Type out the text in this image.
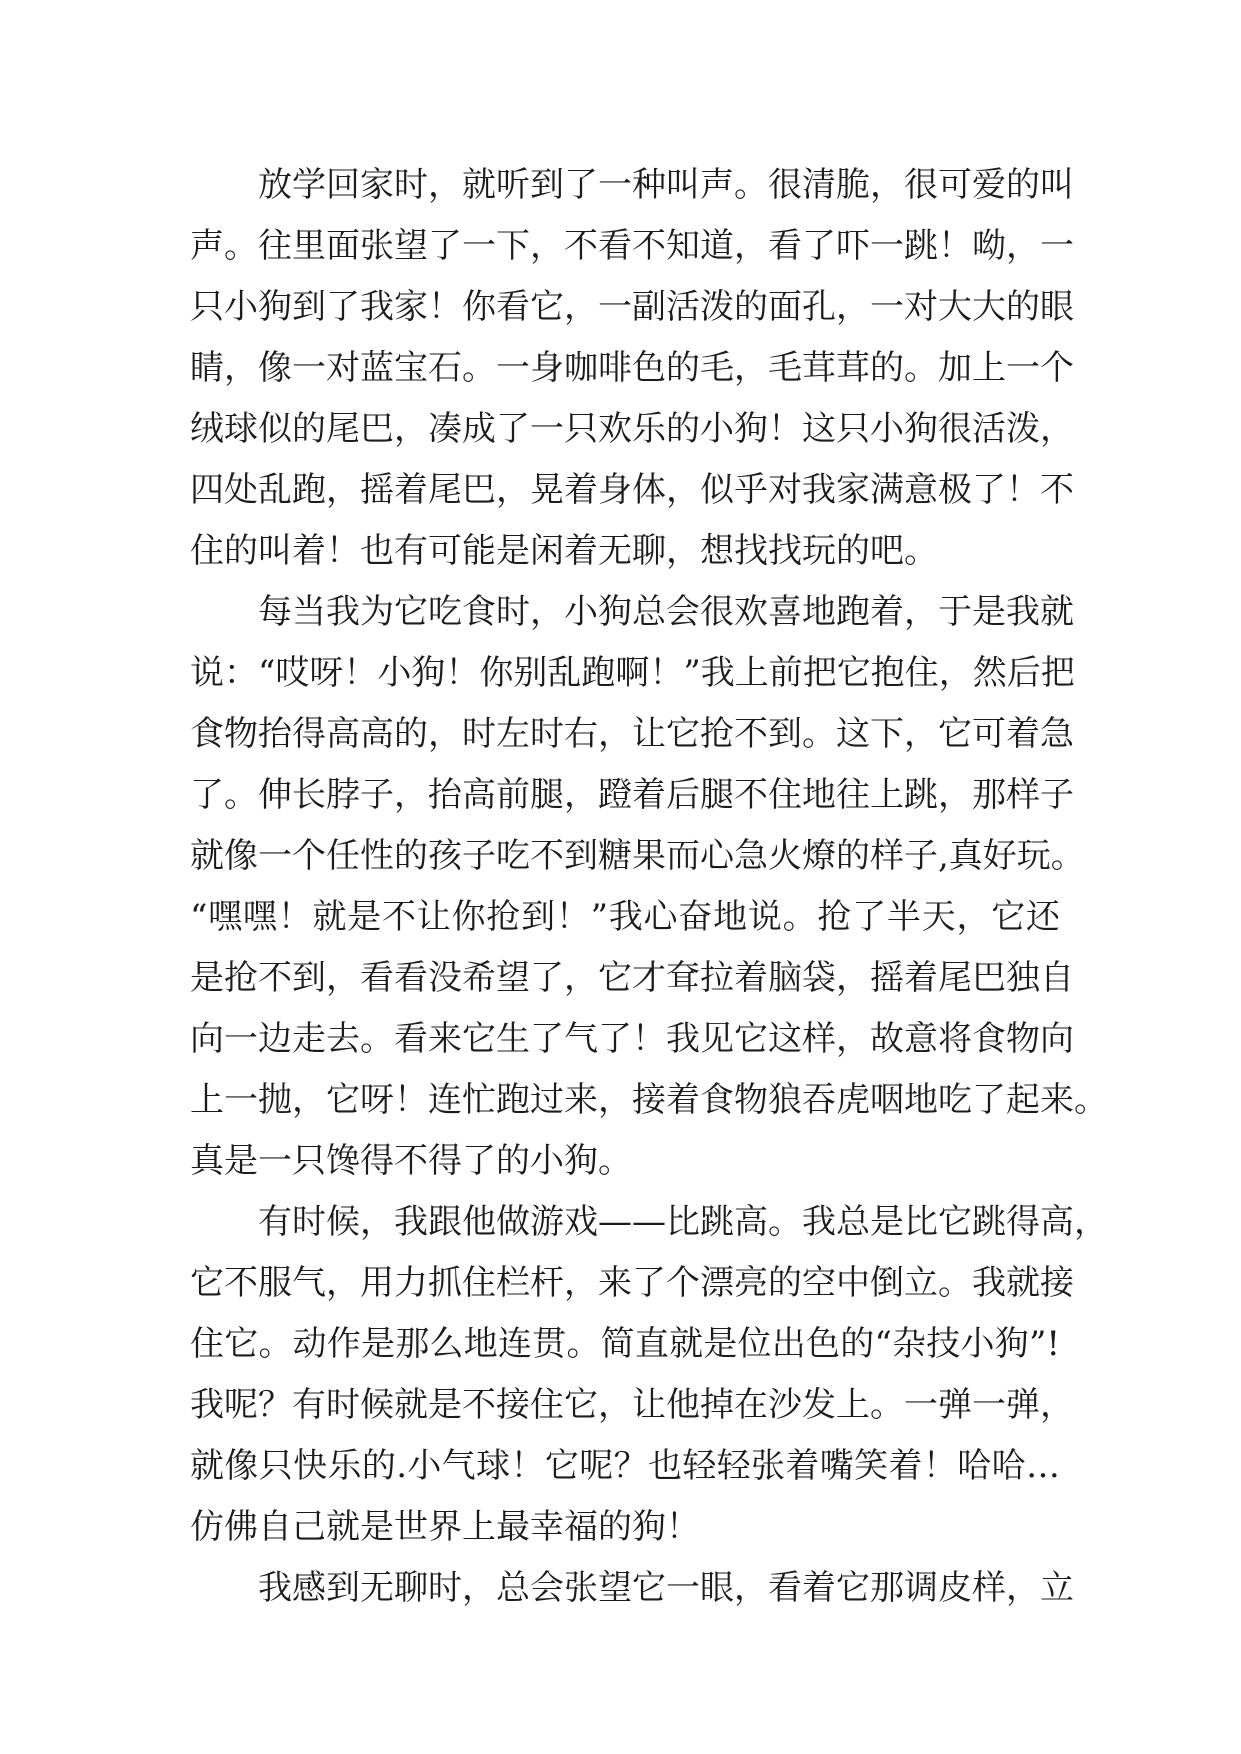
放学回家时，就听到了一种叫声。很清脆，很可爱的叫
声。往里面张望了一下，不看不知道，看了吓一跳！呦，一
只小狗到了我家！你看它，一副活泼的面孔，一对大大的眼
睛，像一对蓝宝石。一身咖啡色的毛，毛茸茸的。加上一个
绒球似的尾巴，凑成了一只欢乐的小狗！这只小狗很活泼，
四处乱跑，摇着尾巴，晃着身体，似乎对我家满意极了！不
住的叫着！也有可能是闲着无聊，想找找玩的吧。
每当我为它吃食时，小狗总会很欢喜地跑着，于是我就
说：“哎呀！小狗！你别乱跑啊！”我上前把它抱住，然后把
食物抬得高高的，时左时右，让它抢不到。这下，它可着急
了。伸长脖子，抬高前腿，蹬着后腿不住地往上跳，那样子
就像一个任性的孩子吃不到糖果而心急火燎的样子,真好玩。
“嘿嘿！就是不让你抢到！”我心奋地说。抢了半天，它还
是抢不到，看看没希望了，它才耷拉着脑袋，摇着尾巴独自
向一边走去。看来它生了气了！我见它这样，故意将食物向
上一抛，它呀！连忙跑过来，接着食物狼吞虎咽地吃了起来。
真是一只馋得不得了的小狗。
有时候，我跟他做游戏——比跳高。我总是比它跳得高，
它不服气，用力抓住栏杆，来了个漂亮的空中倒立。我就接
住它。动作是那么地连贯。简直就是位出色的“杂技小狗”!
我呢？有时候就是不接住它，让他掉在沙发上。一弹一弹，
就像只快乐的.小气球！它呢？也轻轻张着嘴笑着！哈哈…
仿佛自己就是世界上最幸福的狗！
我感到无聊时，总会张望它一眼，看着它那调皮样，立
